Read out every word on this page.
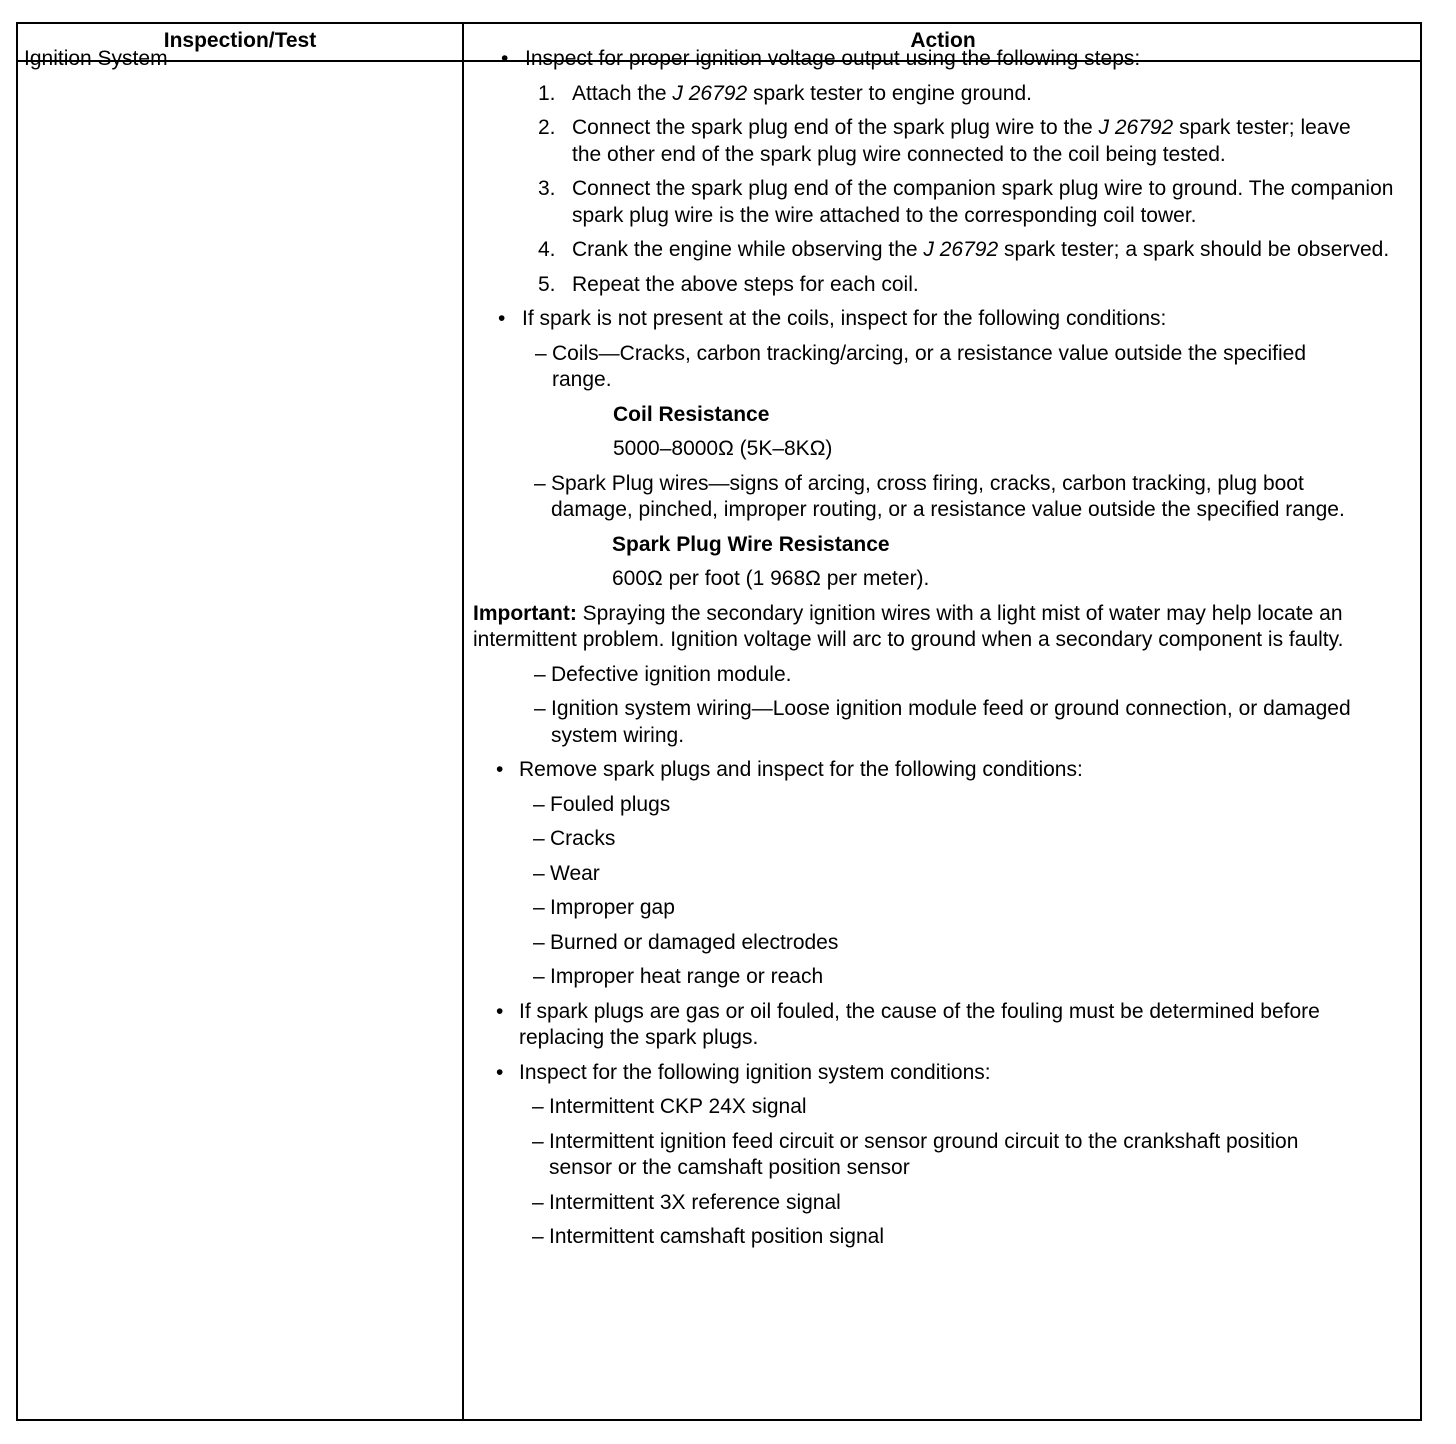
Inspection/Test	Action
Ignition System	• Inspect for proper ignition voltage output using the following steps:
1. Attach the J 26792 spark tester to engine ground.
2. Connect the spark plug end of the spark plug wire to the J 26792 spark tester; leave the other end of the spark plug wire connected to the coil being tested.
3. Connect the spark plug end of the companion spark plug wire to ground. The companion spark plug wire is the wire attached to the corresponding coil tower.
4. Crank the engine while observing the J 26792 spark tester; a spark should be observed.
5. Repeat the above steps for each coil.
• If spark is not present at the coils, inspect for the following conditions:
– Coils—Cracks, carbon tracking/arcing, or a resistance value outside the specified range.
Coil Resistance
5000–8000Ω (5K–8KΩ)
– Spark Plug wires—signs of arcing, cross firing, cracks, carbon tracking, plug boot damage, pinched, improper routing, or a resistance value outside the specified range.
Spark Plug Wire Resistance
600Ω per foot (1 968Ω per meter).
Important: Spraying the secondary ignition wires with a light mist of water may help locate an intermittent problem. Ignition voltage will arc to ground when a secondary component is faulty.
– Defective ignition module.
– Ignition system wiring—Loose ignition module feed or ground connection, or damaged system wiring.
• Remove spark plugs and inspect for the following conditions:
– Fouled plugs
– Cracks
– Wear
– Improper gap
– Burned or damaged electrodes
– Improper heat range or reach
• If spark plugs are gas or oil fouled, the cause of the fouling must be determined before replacing the spark plugs.
• Inspect for the following ignition system conditions:
– Intermittent CKP 24X signal
– Intermittent ignition feed circuit or sensor ground circuit to the crankshaft position sensor or the camshaft position sensor
– Intermittent 3X reference signal
– Intermittent camshaft position signal
